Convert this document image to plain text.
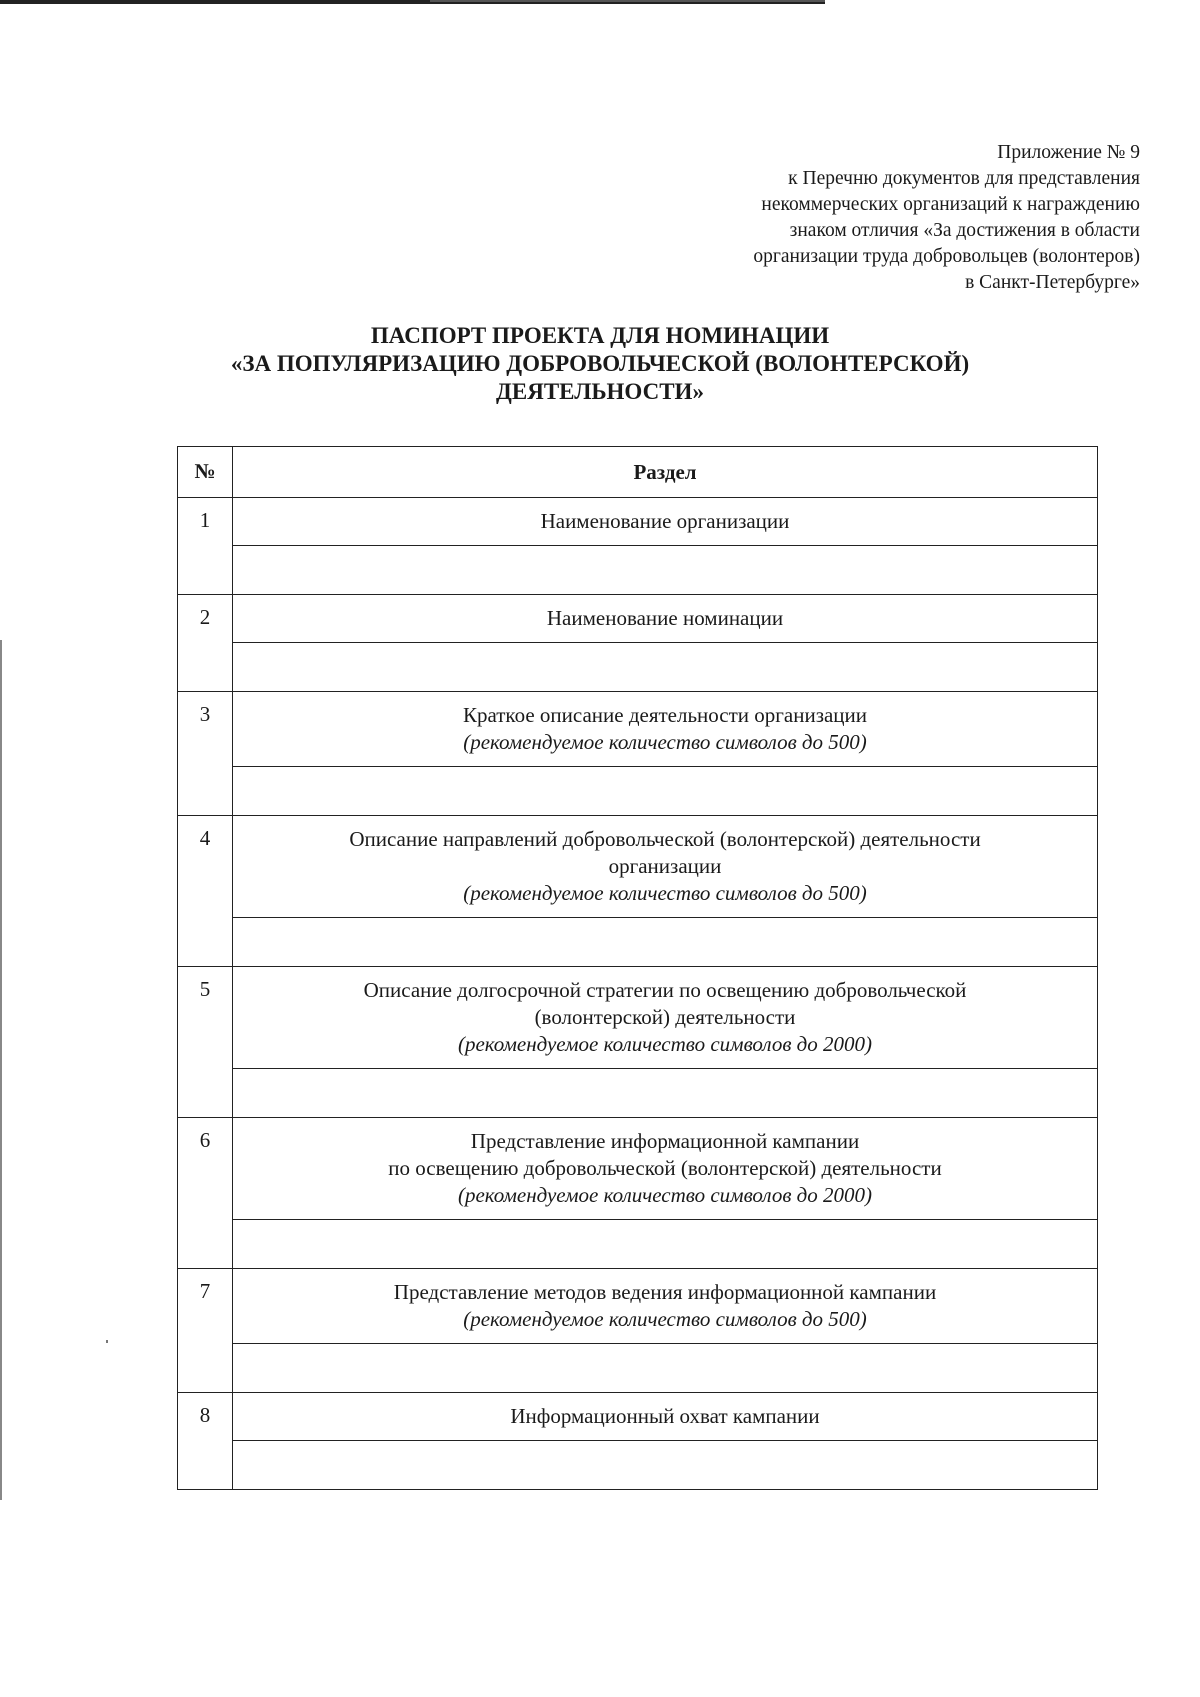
Приложение № 9
к Перечню документов для представления
некоммерческих организаций к награждению
знаком отличия «За достижения в области
организации труда добровольцев (волонтеров)
в Санкт-Петербурге»
ПАСПОРТ ПРОЕКТА ДЛЯ НОМИНАЦИИ
«ЗА ПОПУЛЯРИЗАЦИЮ ДОБРОВОЛЬЧЕСКОЙ (ВОЛОНТЕРСКОЙ)
ДЕЯТЕЛЬНОСТИ»
№	Раздел
1	Наименование организации

2	Наименование номинации

3	Краткое описание деятельности организации
(рекомендуемое количество символов до 500)

4	Описание направлений добровольческой (волонтерской) деятельности
организации
(рекомендуемое количество символов до 500)

5	Описание долгосрочной стратегии по освещению добровольческой
(волонтерской) деятельности
(рекомендуемое количество символов до 2000)

6	Представление информационной кампании
по освещению добровольческой (волонтерской) деятельности
(рекомендуемое количество символов до 2000)

7	Представление методов ведения информационной кампании
(рекомендуемое количество символов до 500)

8	Информационный охват кампании
